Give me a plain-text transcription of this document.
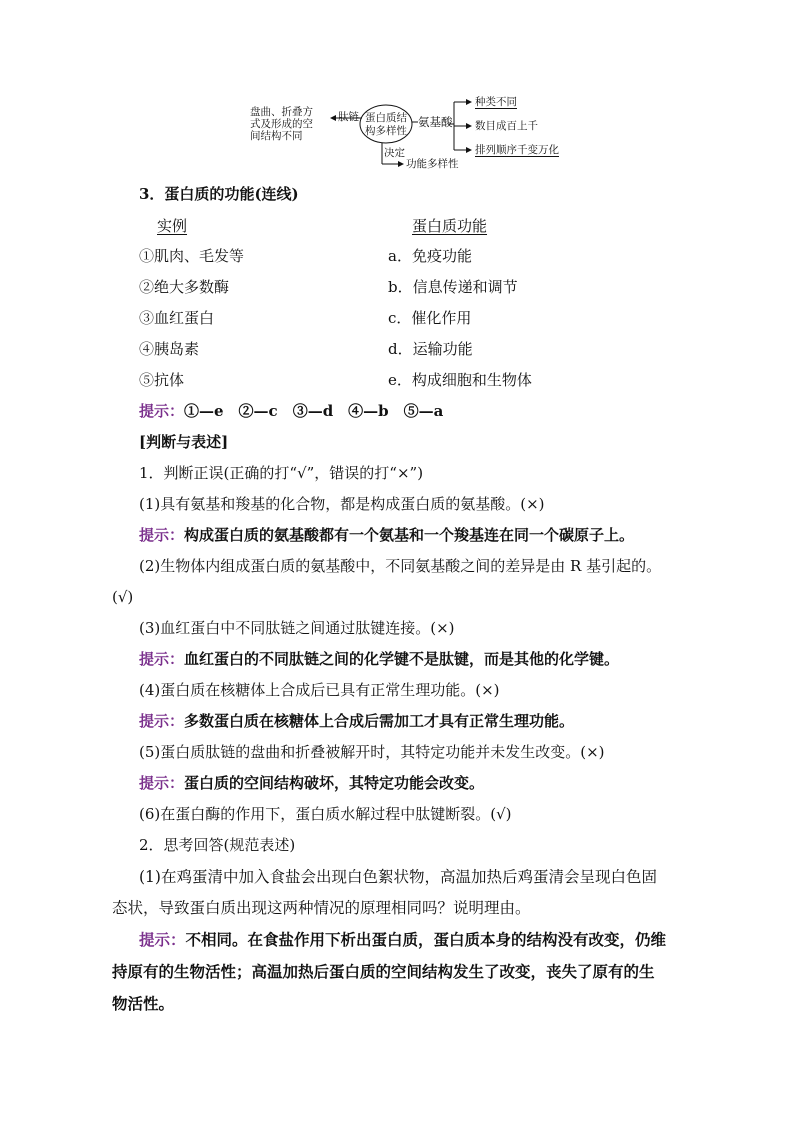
盘曲、折叠方
式及形成的空
间结构不同
肽链 蛋白质结
构多样性
氨基酸
种类不同
数目成百上千
排列顺序千变万化
决定
功能多样性
3．蛋白质的功能(连线)
实例	蛋白质功能
①肌肉、毛发等
②绝大多数酶
③血红蛋白
④胰岛素
⑤抗体
a．免疫功能
b．信息传递和调节
c．催化作用
d．运输功能
e．构成细胞和生物体
提示：①—e　②—c　③—d　④—b　⑤—a
[判断与表述]
1．判断正误(正确的打“√”，错误的打“×”)
(1)具有氨基和羧基的化合物，都是构成蛋白质的氨基酸。(×)
提示：构成蛋白质的氨基酸都有一个氨基和一个羧基连在同一个碳原子上。
(2)生物体内组成蛋白质的氨基酸中，不同氨基酸之间的差异是由 R 基引起的。
(√)
(3)血红蛋白中不同肽链之间通过肽键连接。(×)
提示：血红蛋白的不同肽链之间的化学键不是肽键，而是其他的化学键。
(4)蛋白质在核糖体上合成后已具有正常生理功能。(×)
提示：多数蛋白质在核糖体上合成后需加工才具有正常生理功能。
(5)蛋白质肽链的盘曲和折叠被解开时，其特定功能并未发生改变。(×)
提示：蛋白质的空间结构破坏，其特定功能会改变。
(6)在蛋白酶的作用下，蛋白质水解过程中肽键断裂。(√)
2．思考回答(规范表述)
(1)在鸡蛋清中加入食盐会出现白色絮状物，高温加热后鸡蛋清会呈现白色固
态状，导致蛋白质出现这两种情况的原理相同吗？说明理由。
提示：不相同。在食盐作用下析出蛋白质，蛋白质本身的结构没有改变，仍维
持原有的生物活性；高温加热后蛋白质的空间结构发生了改变，丧失了原有的生
物活性。
